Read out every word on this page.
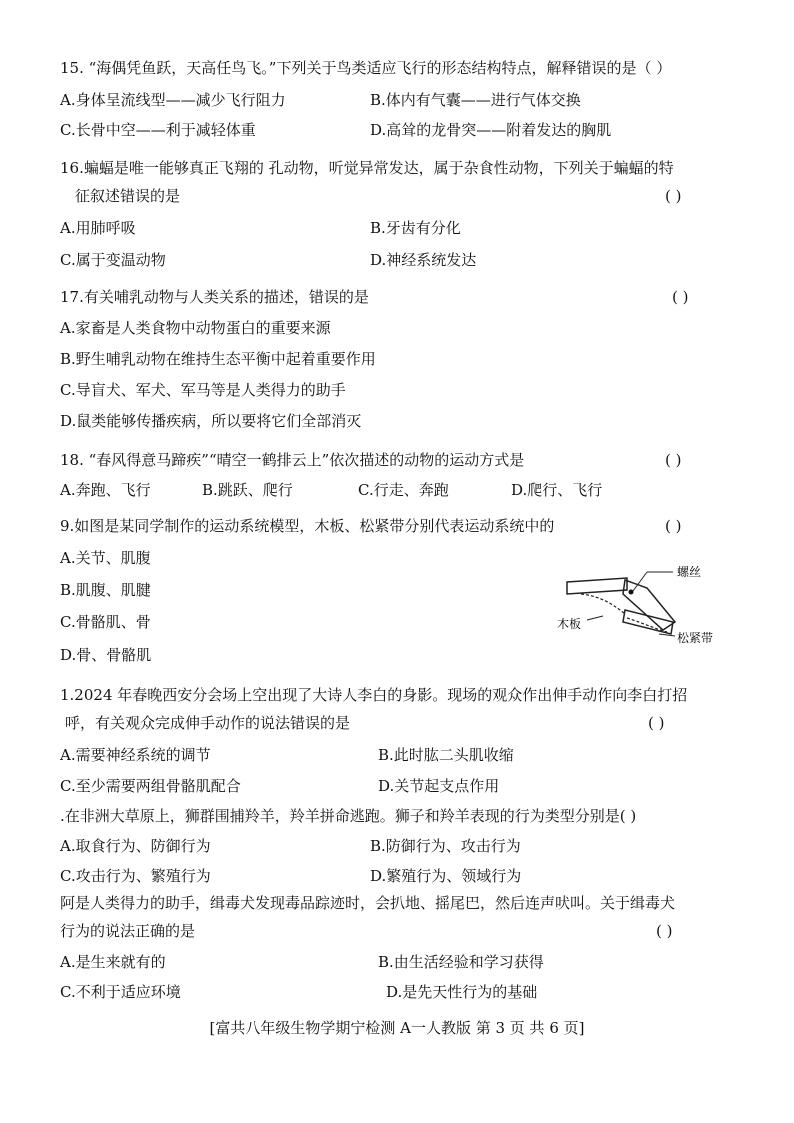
15. “海偶凭鱼跃，天高任鸟飞。”下列关于鸟类适应飞行的形态结构特点，解释错误的是（ ）
A.身体呈流线型——减少飞行阻力	B.体内有气囊——进行气体交换
C.长骨中空——利于减轻体重	D.高耸的龙骨突——附着发达的胸肌
16.蝙蝠是唯一能够真正飞翔的 孔动物，听觉异常发达，属于杂食性动物，下列关于蝙蝠的特
征叙述错误的是	( )
A.用肺呼吸	B.牙齿有分化
C.属于变温动物	D.神经系统发达
17.有关哺乳动物与人类关系的描述，错误的是	( )
A.家畜是人类食物中动物蛋白的重要来源
B.野生哺乳动物在维持生态平衡中起着重要作用
C.导盲犬、军犬、军马等是人类得力的助手
D.鼠类能够传播疾病，所以要将它们全部消灭
18. “春风得意马蹄疾”“晴空一鹤排云上”依次描述的动物的运动方式是	( )
A.奔跑、飞行	B.跳跃、爬行	C.行走、奔跑	D.爬行、飞行
9.如图是某同学制作的运动系统模型，木板、松紧带分别代表运动系统中的	( )
A.关节、肌腹
B.肌腹、肌腱
C.骨骼肌、骨
D.骨、骨骼肌
螺丝
木板
松紧带
1.2024 年春晚西安分会场上空出现了大诗人李白的身影。现场的观众作出伸手动作向李白打招
呼，有关观众完成伸手动作的说法错误的是	( )
A.需要神经系统的调节	B.此时肱二头肌收缩
C.至少需要两组骨骼肌配合	D.关节起支点作用
.在非洲大草原上，狮群围捕羚羊，羚羊拼命逃跑。狮子和羚羊表现的行为类型分别是( )
A.取食行为、防御行为	B.防御行为、攻击行为
C.攻击行为、繁殖行为	D.繁殖行为、领域行为
阿是人类得力的助手，缉毒犬发现毒品踪迹时，会扒地、摇尾巴，然后连声吠叫。关于缉毒犬
行为的说法正确的是	( )
A.是生来就有的	B.由生活经验和学习获得
C.不利于适应环境	D.是先天性行为的基础
[富共八年级生物学期宁检测 A一人教版 第 3 页 共 6 页]
